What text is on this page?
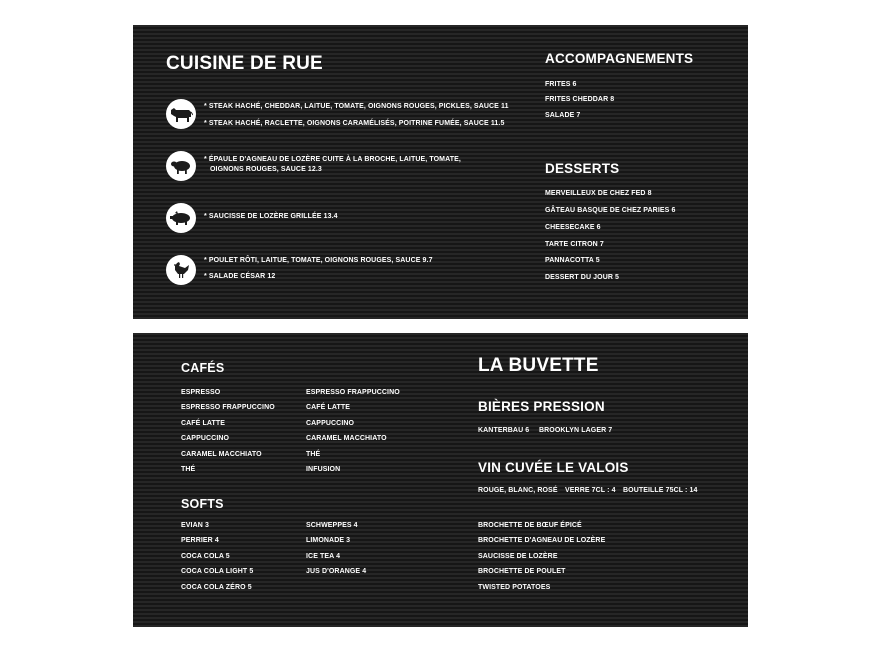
CUISINE DE RUE
* STEAK HACHÉ, CHEDDAR, LAITUE, TOMATE, OIGNONS ROUGES, PICKLES, SAUCE 11
* STEAK HACHÉ, RACLETTE, OIGNONS CARAMÉLISÉS, POITRINE FUMÉE, SAUCE 11.5
* ÉPAULE D'AGNEAU DE LOZÈRE CUITE À LA BROCHE, LAITUE, TOMATE,
OIGNONS ROUGES, SAUCE 12.3
* SAUCISSE DE LOZÈRE GRILLÉE 13.4
* POULET RÔTI, LAITUE, TOMATE, OIGNONS ROUGES, SAUCE 9.7
* SALADE CÉSAR 12
ACCOMPAGNEMENTS
FRITES 6
FRITES CHEDDAR 8
SALADE 7
DESSERTS
MERVEILLEUX DE CHEZ FED 8
GÂTEAU BASQUE DE CHEZ PARIES 6
CHEESECAKE 6
TARTE CITRON 7
PANNACOTTA 5
DESSERT DU JOUR 5
CAFÉS
ESPRESSO
ESPRESSO FRAPPUCCINO
CAFÉ LATTE
CAPPUCCINO
CARAMEL MACCHIATO
THÉ
ESPRESSO FRAPPUCCINO
CAFÉ LATTE
CAPPUCCINO
CARAMEL MACCHIATO
THÉ
INFUSION
SOFTS
EVIAN 3
PERRIER 4
COCA COLA 5
COCA COLA LIGHT 5
COCA COLA ZÉRO 5
SCHWEPPES 4
LIMONADE 3
ICE TEA 4
JUS D'ORANGE 4
LA BUVETTE
BIÈRES PRESSION
KANTERBAU 6 BROOKLYN LAGER 7
VIN CUVÉE LE VALOIS
ROUGE, BLANC, ROSÉ VERRE 7CL : 4 BOUTEILLE 75CL : 14
BROCHETTE DE BŒUF ÉPICÉ
BROCHETTE D'AGNEAU DE LOZÈRE
SAUCISSE DE LOZÈRE
BROCHETTE DE POULET
TWISTED POTATOES
